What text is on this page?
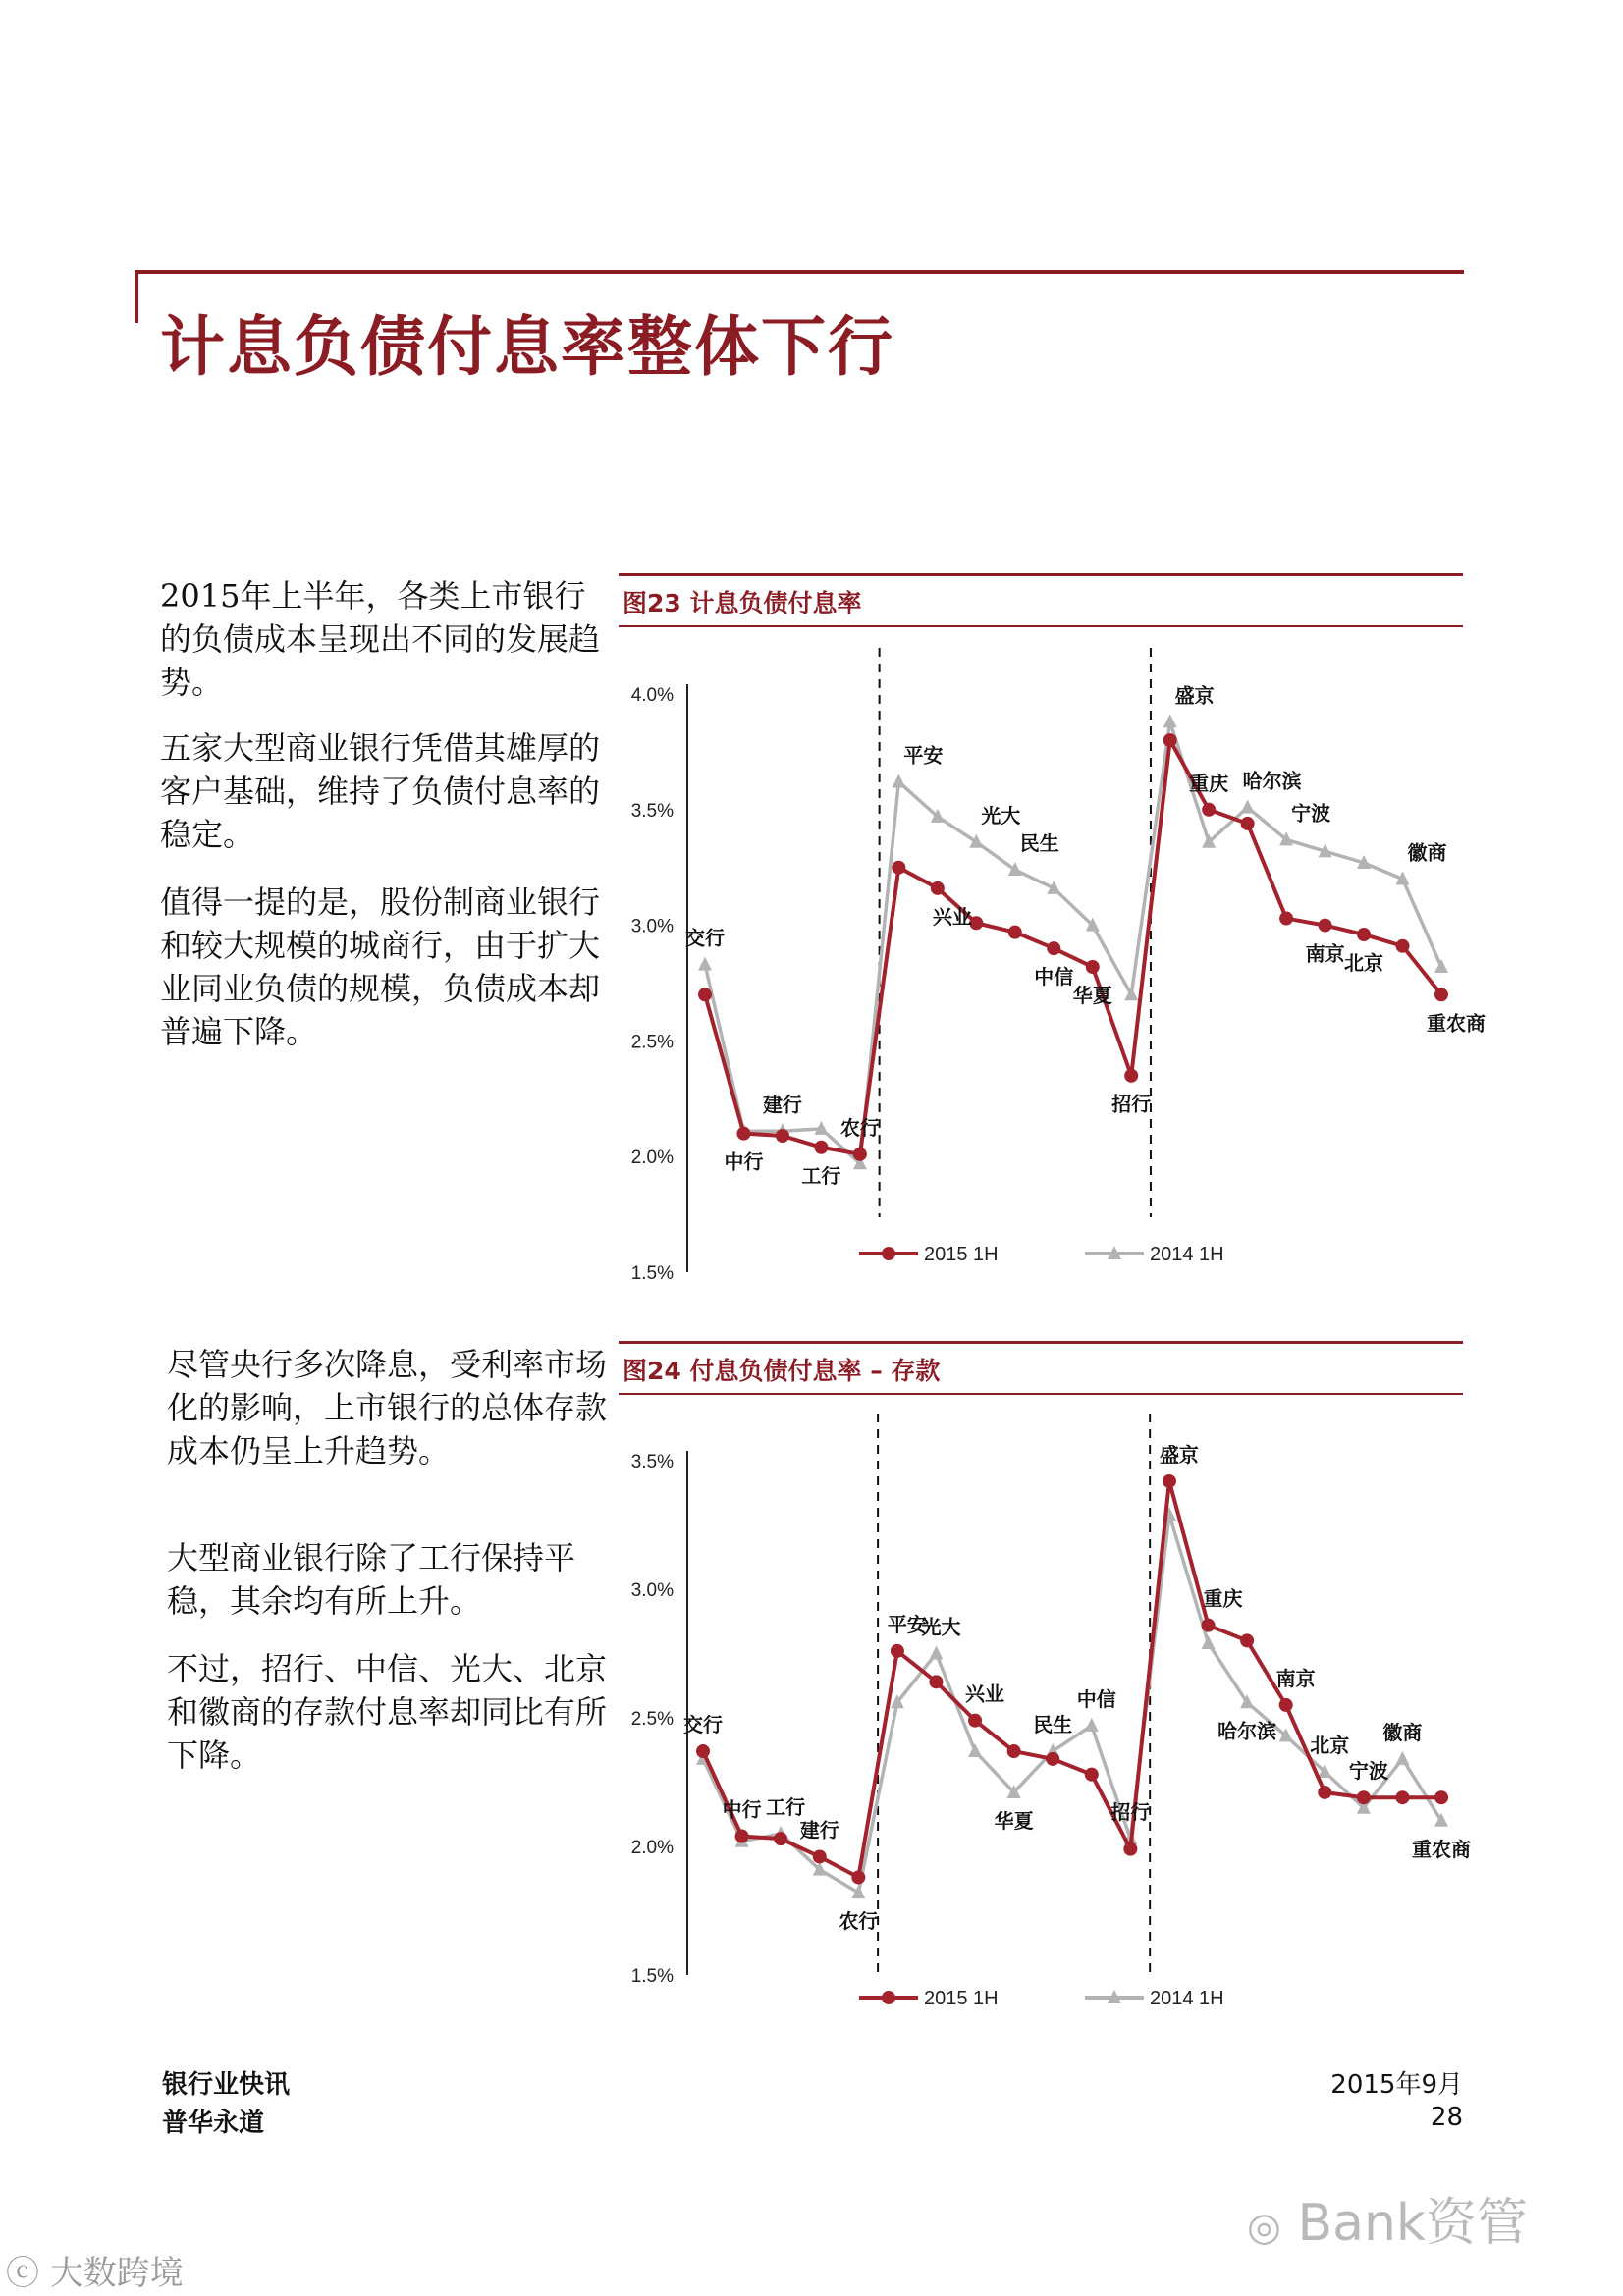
计息负债付息率整体下行
2015年上半年，各类上市银行的负债成本呈现出不同的发展趋势。
五家大型商业银行凭借其雄厚的客户基础，维持了负债付息率的稳定。
值得一提的是，股份制商业银行和较大规模的城商行，由于扩大业同业负债的规模，负债成本却普遍下降。
尽管央行多次降息，受利率市场化的影响，上市银行的总体存款成本仍呈上升趋势。
大型商业银行除了工行保持平稳，其余均有所上升。
不过，招行、中信、光大、北京和徽商的存款付息率却同比有所下降。
图23 计息负债付息率
1.5%
2.0%
2.5%
3.0%
3.5%
4.0%
交行
中行
建行
工行
农行
平安
兴业
光大
民生
中信
华夏
招行
盛京
重庆 哈尔滨
宁波
南京 北京
徽商
重农商
2015 1H	2014 1H
图24 付息负债付息率 – 存款
1.5%
2.0%
2.5%
3.0%
3.5%
交行
中行 工行
建行
农行
平安
光大
兴业
华夏
民生
中信
招行
盛京
重庆
哈尔滨
南京
北京
宁波
徽商
重农商
2015 1H	2014 1H
银行业快讯
普华永道
2015年9月
28
◎ Bank资管
ⓒ 大数跨境
